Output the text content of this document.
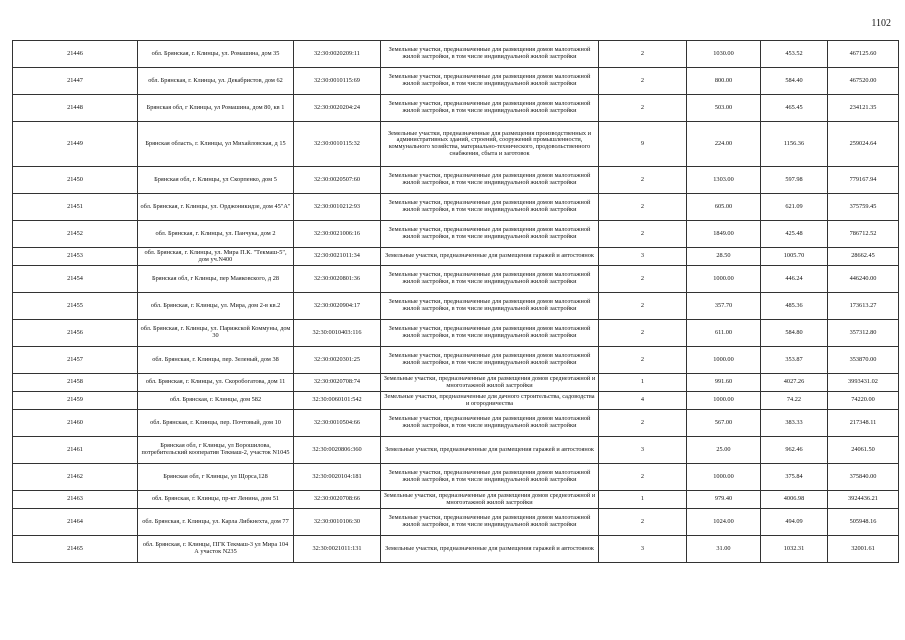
1102
21446	обл. Брянская, г. Клинцы, ул. Ромашина, дом 35	32:30:0020209:11	Земельные участки, предназначенные для размещения домов малоэтажной жилой застройки, в том числе индивидуальной жилой застройки	2	1030.00	453.52	467125.60
21447	обл. Брянская, г. Клинцы, ул. Декабристов, дом 62	32:30:0010115:69	Земельные участки, предназначенные для размещения домов малоэтажной жилой застройки, в том числе индивидуальной жилой застройки	2	800.00	584.40	467520.00
21448	Брянская обл, г Клинцы, ул Ромашина, дом 80, кв 1	32:30:0020204:24	Земельные участки, предназначенные для размещения домов малоэтажной жилой застройки, в том числе индивидуальной жилой застройки	2	503.00	465.45	234121.35
21449	Брянская область, г. Клинцы, ул Михайловская, д 15	32:30:0010115:32	Земельные участки, предназначенные для размещения производственных и административных зданий, строений, сооружений промышленности, коммунального хозяйства, материально-технического, продовольственного снабжения, сбыта и заготовок	9	224.00	1156.36	259024.64
21450	Брянская обл, г. Клинцы, ул Скорпенко, дом 5	32:30:0020507:60	Земельные участки, предназначенные для размещения домов малоэтажной жилой застройки, в том числе индивидуальной жилой застройки	2	1303.00	597.98	779167.94
21451	обл. Брянская, г. Клинцы, ул. Орджоникидзе, дом 45"А"	32:30:0010212:93	Земельные участки, предназначенные для размещения домов малоэтажной жилой застройки, в том числе индивидуальной жилой застройки	2	605.00	621.09	375759.45
21452	обл. Брянская, г. Клинцы, ул. Панчука, дом 2	32:30:0021006:16	Земельные участки, предназначенные для размещения домов малоэтажной жилой застройки, в том числе индивидуальной жилой застройки	2	1849.00	425.48	786712.52
21453	обл. Брянская, г. Клинцы, ул. Мира П.К. "Текмаш-5", дом уч.N400	32:30:0021011:34	Земельные участки, предназначенные для размещения гаражей и автостоянок	3	28.50	1005.70	28662.45
21454	Брянская обл, г Клинцы, пер Маяковского, д 28	32:30:0020801:36	Земельные участки, предназначенные для размещения домов малоэтажной жилой застройки, в том числе индивидуальной жилой застройки	2	1000.00	446.24	446240.00
21455	обл. Брянская, г. Клинцы, ул. Мира, дом 2-в кв.2	32:30:0020904:17	Земельные участки, предназначенные для размещения домов малоэтажной жилой застройки, в том числе индивидуальной жилой застройки	2	357.70	485.36	173613.27
21456	обл. Брянская, г. Клинцы, ул. Парижской Коммуны, дом 30	32:30:0010403:116	Земельные участки, предназначенные для размещения домов малоэтажной жилой застройки, в том числе индивидуальной жилой застройки	2	611.00	584.80	357312.80
21457	обл. Брянская, г. Клинцы, пер. Зеленый, дом 38	32:30:0020301:25	Земельные участки, предназначенные для размещения домов малоэтажной жилой застройки, в том числе индивидуальной жилой застройки	2	1000.00	353.87	353870.00
21458	обл. Брянская, г. Клинцы, ул. Скоробогатова, дом 11	32:30:0020708:74	Земельные участки, предназначенные для размещения домов среднеэтажной и многоэтажной жилой застройки	1	991.60	4027.26	3993431.02
21459	обл. Брянская, г. Клинцы, дом 582	32:30:0060101:542	Земельные участки, предназначенные для дачного строительства, садоводства и огородничества	4	1000.00	74.22	74220.00
21460	обл. Брянская, г. Клинцы, пер. Почтовый, дом 10	32:30:0010504:66	Земельные участки, предназначенные для размещения домов малоэтажной жилой застройки, в том числе индивидуальной жилой застройки	2	567.00	383.33	217348.11
21461	Брянская обл, г Клинцы, ул Ворошилова, потребительский кооператив Текмаш-2, участок N1045	32:30:0020806:360	Земельные участки, предназначенные для размещения гаражей и автостоянок	3	25.00	962.46	24061.50
21462	Брянская обл, г Клинцы, ул Щорса,128	32:30:0020104:181	Земельные участки, предназначенные для размещения домов малоэтажной жилой застройки, в том числе индивидуальной жилой застройки	2	1000.00	375.84	375840.00
21463	обл. Брянская, г. Клинцы, пр-кт Ленина, дом 51	32:30:0020708:66	Земельные участки, предназначенные для размещения домов среднеэтажной и многоэтажной жилой застройки	1	979.40	4006.98	3924436.21
21464	обл. Брянская, г. Клинцы, ул. Карла Либкнехта, дом 77	32:30:0010106:30	Земельные участки, предназначенные для размещения домов малоэтажной жилой застройки, в том числе индивидуальной жилой застройки	2	1024.00	494.09	505948.16
21465	обл. Брянская, г. Клинцы, ПГК Текмаш-3 ул Мира 104 А участок N235	32:30:0021011:131	Земельные участки, предназначенные для размещения гаражей и автостоянок	3	31.00	1032.31	32001.61
